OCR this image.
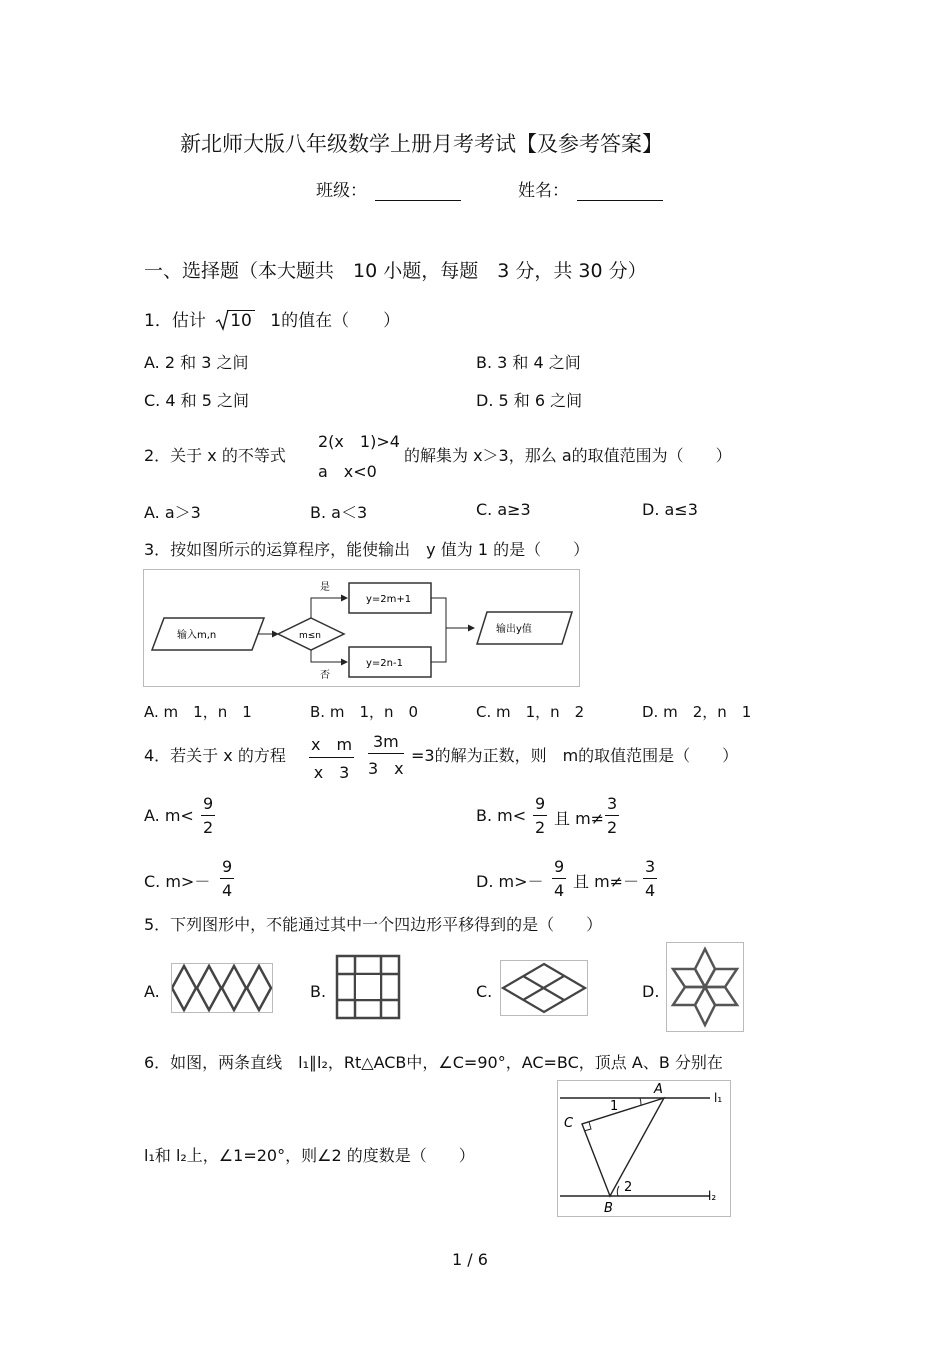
新北师大版八年级数学上册月考考试【及参考答案】
班级：	姓名：
一、选择题（本大题共　10 小题，每题　3 分，共 30 分）
1．估计 10 1的值在（　　）
A. 2 和 3 之间	B. 3 和 4 之间
C. 4 和 5 之间	D. 5 和 6 之间
2．关于 x 的不等式
2(x　1)>4
a　x<0
的解集为 x＞3，那么 a的取值范围为（　　）
A. a＞3	B. a＜3	C. a≥3	D. a≤3
3．按如图所示的运算程序，能使输出　y 值为 1 的是（　　）
输入m,n	m≤n
是
否
y=2m+1
y=2n-1
输出y值
A. m　1，n　1	B. m　1，n　0	C. m　1，n　2	D. m　2，n　1
4．若关于 x 的方程 $\frac{\text{x　m}}{x 3} \frac{3m}{3 x} =3$的解为正数，则　m的取值范围是（　　）
A. $m< \frac{9}{2}$	B. $m< \frac{9}{2}$ 且 $m\ne \frac{3}{2}$
C. $m>- \frac{9}{4}$	D. $m>- \frac{9}{4}$ 且 $m\ne- \frac{3}{4}$
5．下列图形中，不能通过其中一个四边形平移得到的是（　　）
A.	B.	C.	D.
6．如图，两条直线　l₁∥l₂，Rt△ACB中，∠C=90°，AC=BC，顶点 A、B 分别在
l₁和 l₂上，∠1=20°，则∠2 的度数是（　　）
A
C
B
1
2
l₁
l₂
1 / 6
